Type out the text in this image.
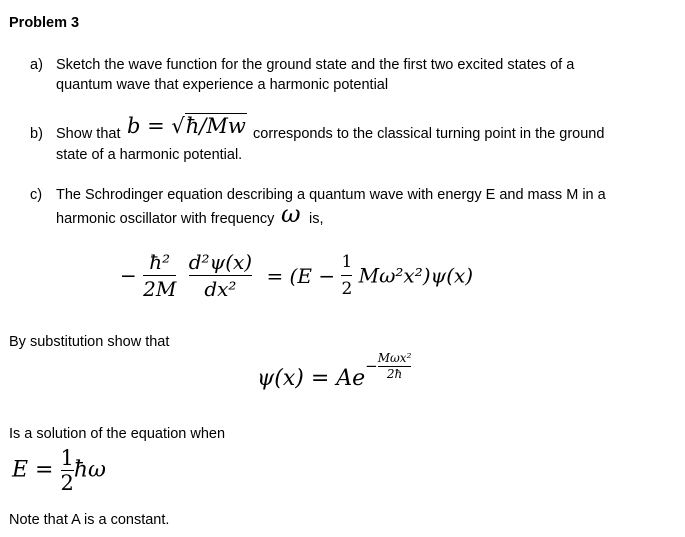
Problem 3
a) Sketch the wave function for the ground state and the first two excited states of a
quantum wave that experience a harmonic potential
b) Show that b = √ħ/Mw corresponds to the classical turning point in the ground
state of a harmonic potential.
c) The Schrodinger equation describing a quantum wave with energy E and mass M in a
harmonic oscillator with frequency ω is,
− $\frac{\text{ħ²}}{2M}$
$\frac{\text{d²ψ(x)}}{\text{dx²}} = (E - \frac{1}{2} M\omega^2x^2)\psi(x)$
By substitution show that
$\psi(x) = Ae- \frac{\text{Mωx²}}{2ħ}$
Is a solution of the equation when
$E = \frac{1}{2}$ ħω
Note that A is a constant.
